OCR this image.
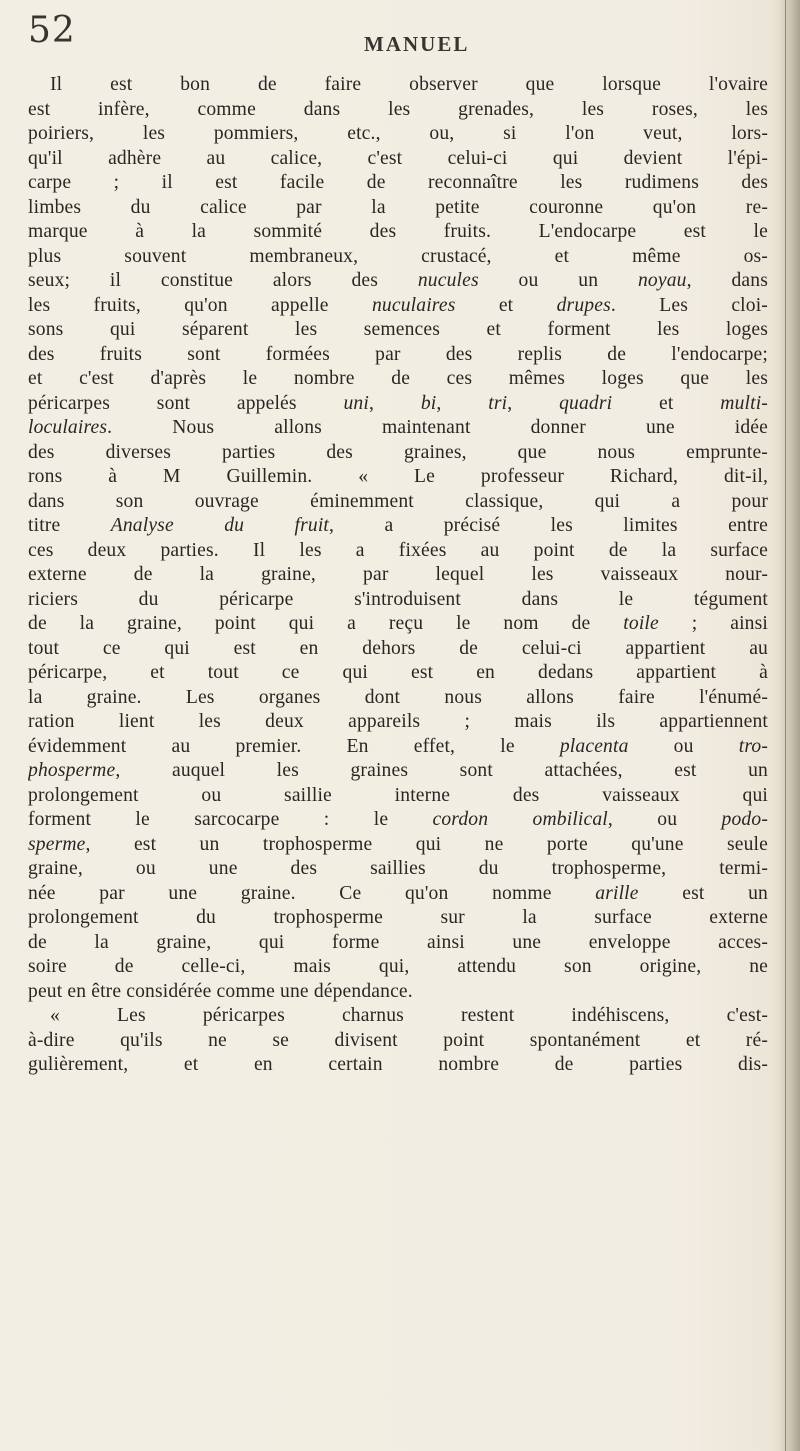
52	MANUEL
Il est bon de faire observer que lorsque l'ovaire
est infère, comme dans les grenades, les roses, les
poiriers, les pommiers, etc., ou, si l'on veut, lors-
qu'il adhère au calice, c'est celui-ci qui devient l'épi-
carpe ; il est facile de reconnaître les rudimens des
limbes du calice par la petite couronne qu'on re-
marque à la sommité des fruits. L'endocarpe est le
plus souvent membraneux, crustacé, et même os-
seux; il constitue alors des nucules ou un noyau, dans
les fruits, qu'on appelle nuculaires et drupes. Les cloi-
sons qui séparent les semences et forment les loges
des fruits sont formées par des replis de l'endocarpe;
et c'est d'après le nombre de ces mêmes loges que les
péricarpes sont appelés uni, bi, tri, quadri et multi-
loculaires. Nous allons maintenant donner une idée
des diverses parties des graines, que nous emprunte-
rons à M Guillemin. « Le professeur Richard, dit-il,
dans son ouvrage éminemment classique, qui a pour
titre Analyse du fruit, a précisé les limites entre
ces deux parties. Il les a fixées au point de la surface
externe de la graine, par lequel les vaisseaux nour-
riciers du péricarpe s'introduisent dans le tégument
de la graine, point qui a reçu le nom de toile ; ainsi
tout ce qui est en dehors de celui-ci appartient au
péricarpe, et tout ce qui est en dedans appartient à
la graine. Les organes dont nous allons faire l'énumé-
ration lient les deux appareils ; mais ils appartiennent
évidemment au premier. En effet, le placenta ou tro-
phosperme, auquel les graines sont attachées, est un
prolongement ou saillie interne des vaisseaux qui
forment le sarcocarpe : le cordon ombilical, ou podo-
sperme, est un trophosperme qui ne porte qu'une seule
graine, ou une des saillies du trophosperme, termi-
née par une graine. Ce qu'on nomme arille est un
prolongement du trophosperme sur la surface externe
de la graine, qui forme ainsi une enveloppe acces-
soire de celle-ci, mais qui, attendu son origine, ne
peut en être considérée comme une dépendance.
« Les péricarpes charnus restent indéhiscens, c'est-
à-dire qu'ils ne se divisent point spontanément et ré-
gulièrement, et en certain nombre de parties dis-
